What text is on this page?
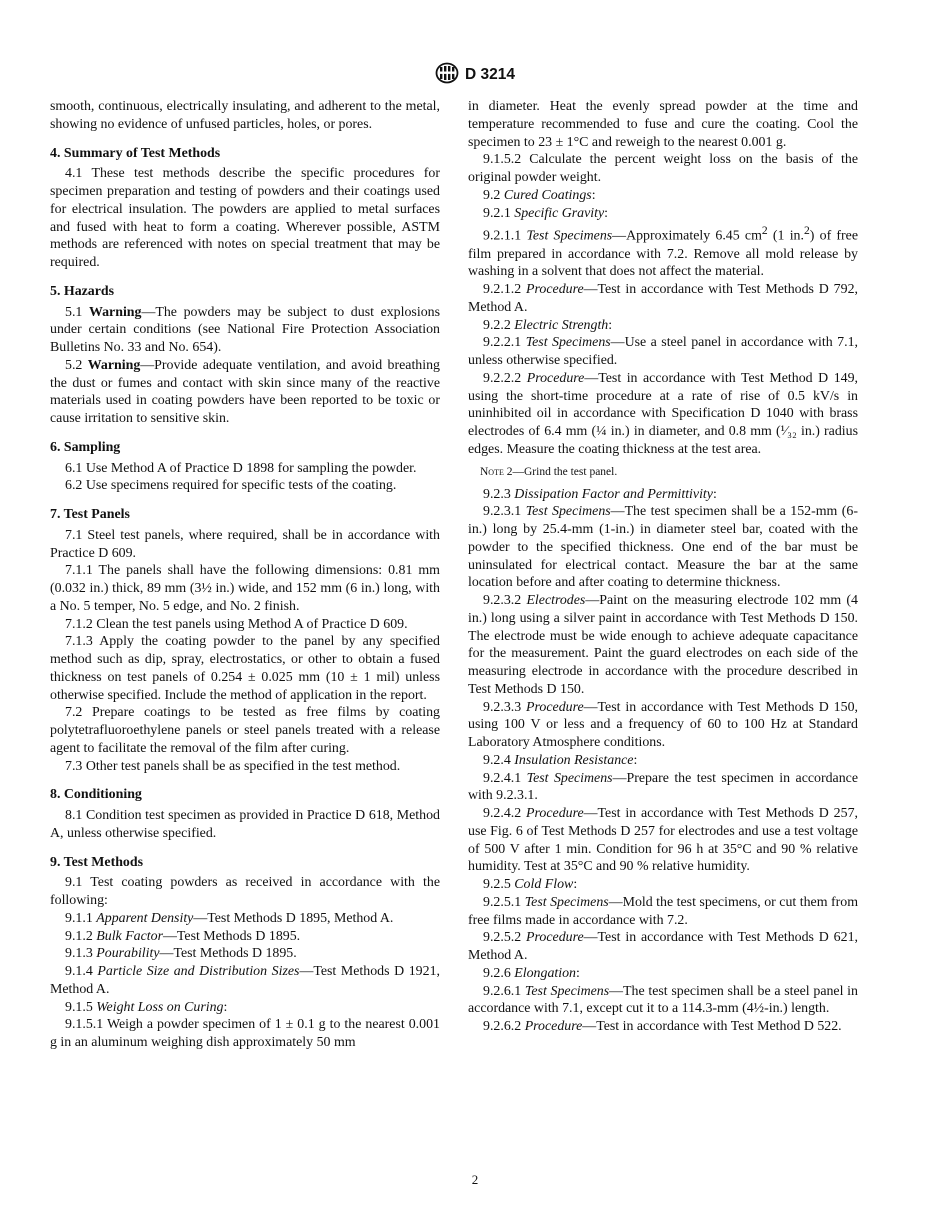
D 3214

smooth, continuous, electrically insulating, and adherent to the metal, showing no evidence of unfused particles, holes, or pores.

4. Summary of Test Methods

4.1 These test methods describe the specific procedures for specimen preparation and testing of powders and their coatings used for electrical insulation. The powders are applied to metal surfaces and fused with heat to form a coating. Wherever possible, ASTM methods are referenced with notes on special treatment that may be required.

5. Hazards

5.1 Warning—The powders may be subject to dust explosions under certain conditions (see National Fire Protection Association Bulletins No. 33 and No. 654).

5.2 Warning—Provide adequate ventilation, and avoid breathing the dust or fumes and contact with skin since many of the reactive materials used in coating powders have been reported to be toxic or cause irritation to sensitive skin.

6. Sampling

6.1 Use Method A of Practice D 1898 for sampling the powder.

6.2 Use specimens required for specific tests of the coating.

7. Test Panels

7.1 Steel test panels, where required, shall be in accordance with Practice D 609.

7.1.1 The panels shall have the following dimensions: 0.81 mm (0.032 in.) thick, 89 mm (3½ in.) wide, and 152 mm (6 in.) long, with a No. 5 temper, No. 5 edge, and No. 2 finish.

7.1.2 Clean the test panels using Method A of Practice D 609.

7.1.3 Apply the coating powder to the panel by any specified method such as dip, spray, electrostatics, or other to obtain a fused thickness on test panels of 0.254 ± 0.025 mm (10 ± 1 mil) unless otherwise specified. Include the method of application in the report.

7.2 Prepare coatings to be tested as free films by coating polytetrafluoroethylene panels or steel panels treated with a release agent to facilitate the removal of the film after curing.

7.3 Other test panels shall be as specified in the test method.

8. Conditioning

8.1 Condition test specimen as provided in Practice D 618, Method A, unless otherwise specified.

9. Test Methods

9.1 Test coating powders as received in accordance with the following:

9.1.1 Apparent Density—Test Methods D 1895, Method A.

9.1.2 Bulk Factor—Test Methods D 1895.

9.1.3 Pourability—Test Methods D 1895.

9.1.4 Particle Size and Distribution Sizes—Test Methods D 1921, Method A.

9.1.5 Weight Loss on Curing:

9.1.5.1 Weigh a powder specimen of 1 ± 0.1 g to the nearest 0.001 g in an aluminum weighing dish approximately 50 mm

in diameter. Heat the evenly spread powder at the time and temperature recommended to fuse and cure the coating. Cool the specimen to 23 ± 1°C and reweigh to the nearest 0.001 g.

9.1.5.2 Calculate the percent weight loss on the basis of the original powder weight.

9.2 Cured Coatings:

9.2.1 Specific Gravity:

9.2.1.1 Test Specimens—Approximately 6.45 $cm^2$ (1 in.$^2$) of free film prepared in accordance with 7.2. Remove all mold release by washing in a solvent that does not affect the material.

9.2.1.2 Procedure—Test in accordance with Test Methods D 792, Method A.

9.2.2 Electric Strength:

9.2.2.1 Test Specimens—Use a steel panel in accordance with 7.1, unless otherwise specified.

9.2.2.2 Procedure—Test in accordance with Test Method D 149, using the short-time procedure at a rate of rise of 0.5 kV/s in uninhibited oil in accordance with Specification D 1040 with brass electrodes of 6.4 mm (¼ in.) in diameter, and 0.8 mm (¹⁄₃₂ in.) radius edges. Measure the coating thickness at the test area.

Note 2—Grind the test panel.

9.2.3 Dissipation Factor and Permittivity:

9.2.3.1 Test Specimens—The test specimen shall be a 152-mm (6-in.) long by 25.4-mm (1-in.) in diameter steel bar, coated with the powder to the specified thickness. One end of the bar must be uninsulated for electrical contact. Measure the bar at the same location before and after coating to determine thickness.

9.2.3.2 Electrodes—Paint on the measuring electrode 102 mm (4 in.) long using a silver paint in accordance with Test Methods D 150. The electrode must be wide enough to achieve adequate capacitance for the measurement. Paint the guard electrodes on each side of the measuring electrode in accordance with the procedure described in Test Methods D 150.

9.2.3.3 Procedure—Test in accordance with Test Methods D 150, using 100 V or less and a frequency of 60 to 100 Hz at Standard Laboratory Atmosphere conditions.

9.2.4 Insulation Resistance:

9.2.4.1 Test Specimens—Prepare the test specimen in accordance with 9.2.3.1.

9.2.4.2 Procedure—Test in accordance with Test Methods D 257, use Fig. 6 of Test Methods D 257 for electrodes and use a test voltage of 500 V after 1 min. Condition for 96 h at 35°C and 90 % relative humidity. Test at 35°C and 90 % relative humidity.

9.2.5 Cold Flow:

9.2.5.1 Test Specimens—Mold the test specimens, or cut them from free films made in accordance with 7.2.

9.2.5.2 Procedure—Test in accordance with Test Methods D 621, Method A.

9.2.6 Elongation:

9.2.6.1 Test Specimens—The test specimen shall be a steel panel in accordance with 7.1, except cut it to a 114.3-mm (4½-in.) length.

9.2.6.2 Procedure—Test in accordance with Test Method D 522.

2
